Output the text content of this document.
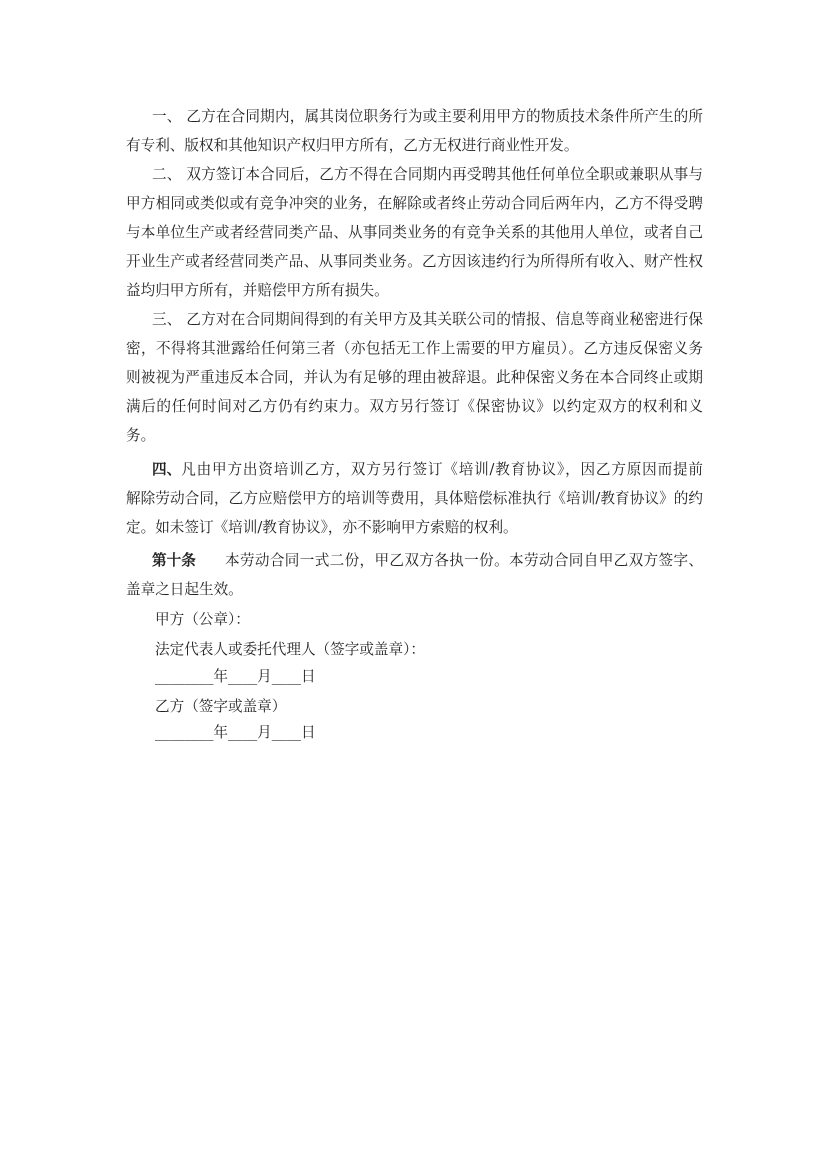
一、 乙方在合同期内，属其岗位职务行为或主要利用甲方的物质技术条件所产生的所
有专利、版权和其他知识产权归甲方所有，乙方无权进行商业性开发。
二、 双方签订本合同后，乙方不得在合同期内再受聘其他任何单位全职或兼职从事与
甲方相同或类似或有竞争冲突的业务，在解除或者终止劳动合同后两年内，乙方不得受聘
与本单位生产或者经营同类产品、从事同类业务的有竞争关系的其他用人单位，或者自己
开业生产或者经营同类产品、从事同类业务。乙方因该违约行为所得所有收入、财产性权
益均归甲方所有，并赔偿甲方所有损失。
三、 乙方对在合同期间得到的有关甲方及其关联公司的情报、信息等商业秘密进行保
密，不得将其泄露给任何第三者（亦包括无工作上需要的甲方雇员）。乙方违反保密义务
则被视为严重违反本合同，并认为有足够的理由被辞退。此种保密义务在本合同终止或期
满后的任何时间对乙方仍有约束力。双方另行签订《保密协议》以约定双方的权利和义
务。
四、 凡由甲方出资培训乙方，双方另行签订《培训/教育协议》，因乙方原因而提前
解除劳动合同，乙方应赔偿甲方的培训等费用，具体赔偿标准执行《培训/教育协议》的约
定。如未签订《培训/教育协议》，亦不影响甲方索赔的权利。
第十条	本劳动合同一式二份，甲乙双方各执一份。本劳动合同自甲乙双方签字、
盖章之日起生效。
甲方（公章）：
法定代表人或委托代理人（签字或盖章）：
________年____月____日
乙方（签字或盖章）
________年____月____日
